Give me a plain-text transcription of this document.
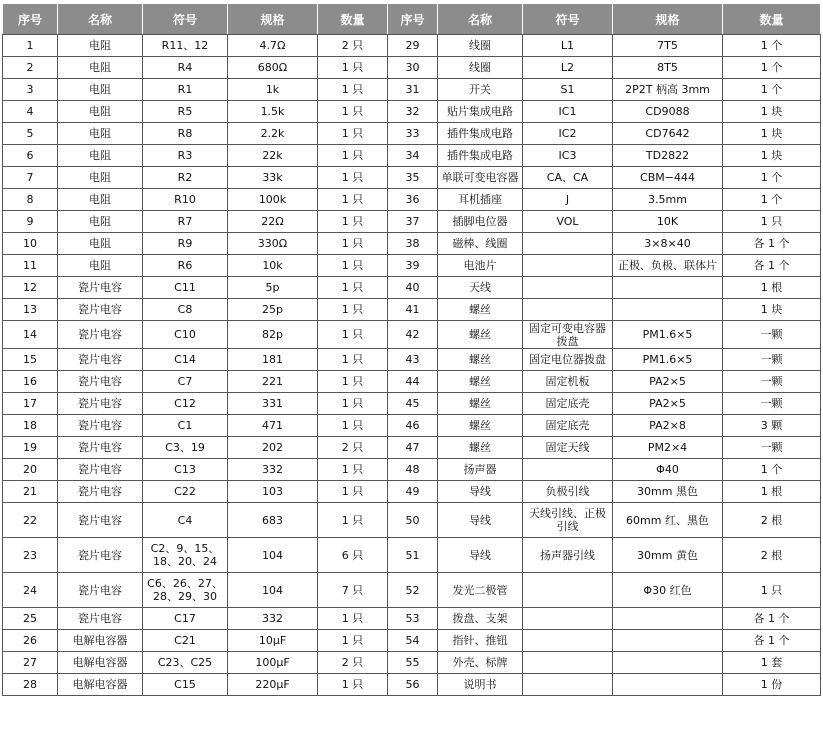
序号	名称	符号	规格	数量	序号	名称	符号	规格	数量
1	电阻	R11、12	4.7Ω	2 只	29	线圈	L1	7T5	1 个
2	电阻	R4	680Ω	1 只	30	线圈	L2	8T5	1 个
3	电阻	R1	1k	1 只	31	开关	S1	2P2T 柄高 3mm	1 个
4	电阻	R5	1.5k	1 只	32	贴片集成电路	IC1	CD9088	1 块
5	电阻	R8	2.2k	1 只	33	插件集成电路	IC2	CD7642	1 块
6	电阻	R3	22k	1 只	34	插件集成电路	IC3	TD2822	1 块
7	电阻	R2	33k	1 只	35	单联可变电容器	CA、CA	CBM−444	1 个
8	电阻	R10	100k	1 只	36	耳机插座	J	3.5mm	1 个
9	电阻	R7	22Ω	1 只	37	插脚电位器	VOL	10K	1 只
10	电阻	R9	330Ω	1 只	38	磁棒、线圈		3×8×40	各 1 个
11	电阻	R6	10k	1 只	39	电池片		正极、负极、联体片	各 1 个
12	瓷片电容	C11	5p	1 只	40	天线			1 根
13	瓷片电容	C8	25p	1 只	41	螺丝			1 块
14	瓷片电容	C10	82p	1 只	42	螺丝	固定可变电容器拨盘	PM1.6×5	一颗
15	瓷片电容	C14	181	1 只	43	螺丝	固定电位器拨盘	PM1.6×5	一颗
16	瓷片电容	C7	221	1 只	44	螺丝	固定机板	PA2×5	一颗
17	瓷片电容	C12	331	1 只	45	螺丝	固定底壳	PA2×5	一颗
18	瓷片电容	C1	471	1 只	46	螺丝	固定底壳	PA2×8	3 颗
19	瓷片电容	C3、19	202	2 只	47	螺丝	固定天线	PM2×4	一颗
20	瓷片电容	C13	332	1 只	48	扬声器		Φ40	1 个
21	瓷片电容	C22	103	1 只	49	导线	负极引线	30mm 黑色	1 根
22	瓷片电容	C4	683	1 只	50	导线	天线引线、正极引线	60mm 红、黑色	2 根
23	瓷片电容	C2、9、15、18、20、24	104	6 只	51	导线	扬声器引线	30mm 黄色	2 根
24	瓷片电容	C6、26、27、28、29、30	104	7 只	52	发光二极管		Φ30 红色	1 只
25	瓷片电容	C17	332	1 只	53	拨盘、支架			各 1 个
26	电解电容器	C21	10μF	1 只	54	指针、推钮			各 1 个
27	电解电容器	C23、C25	100μF	2 只	55	外壳、标牌			1 套
28	电解电容器	C15	220μF	1 只	56	说明书			1 份
